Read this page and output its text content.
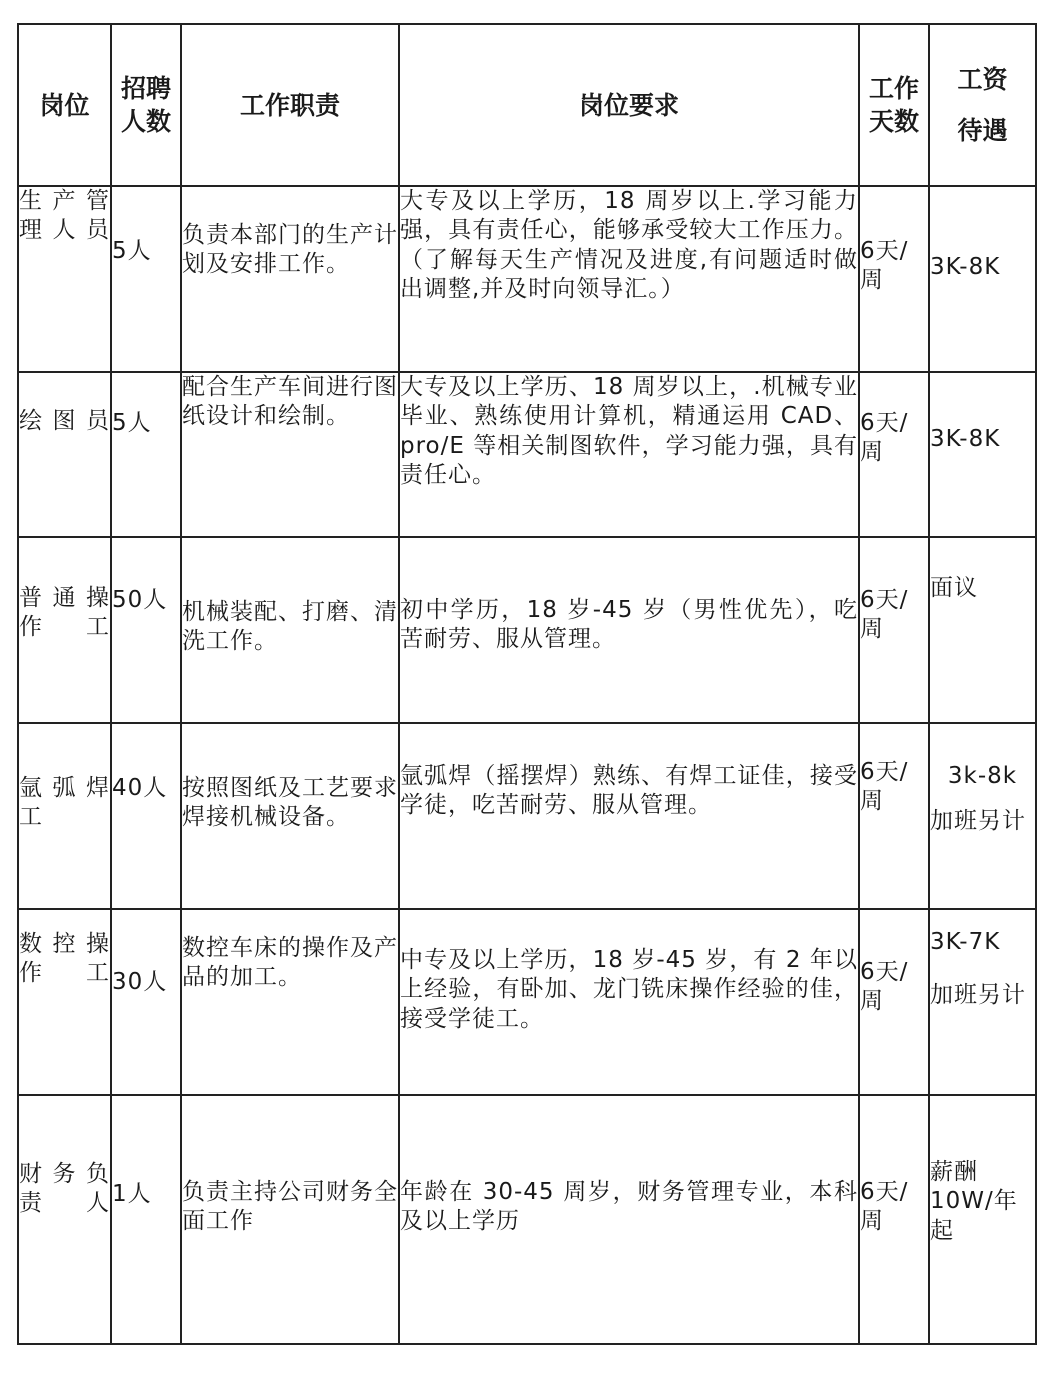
岗位	招聘人数	工作职责	岗位要求	工作天数	工资
待遇

生产管理人员	5人	负责本部门的生产计划及安排工作。	大专及以上学历，18 周岁以上.学习能力强，具有责任心，能够承受较大工作压力。（了解每天生产情况及进度,有问题适时做出调整,并及时向领导汇。）	6天/周	3K-8K

绘图员	5人	配合生产车间进行图纸设计和绘制。	大专及以上学历、18 周岁以上，.机械专业毕业、熟练使用计算机，精通运用 CAD、pro/E 等相关制图软件，学习能力强，具有责任心。	6天/周	3K-8K

普通操作工	50人	机械装配、打磨、清洗工作。	初中学历，18 岁-45 岁（男性优先），吃苦耐劳、服从管理。	6天/周	面议

氩弧焊工	40人	按照图纸及工艺要求焊接机械设备。	氩弧焊（摇摆焊）熟练、有焊工证佳，接受学徒，吃苦耐劳、服从管理。	6天/周	3k-8k
加班另计

数控操作工	30人	数控车床的操作及产品的加工。	中专及以上学历，18 岁-45 岁，有 2 年以上经验，有卧加、龙门铣床操作经验的佳，接受学徒工。	6天/周	3K-7K
加班另计

财务负责人	1人	负责主持公司财务全面工作	年龄在 30-45 周岁，财务管理专业，本科及以上学历	6天/周	薪酬10W/年起
